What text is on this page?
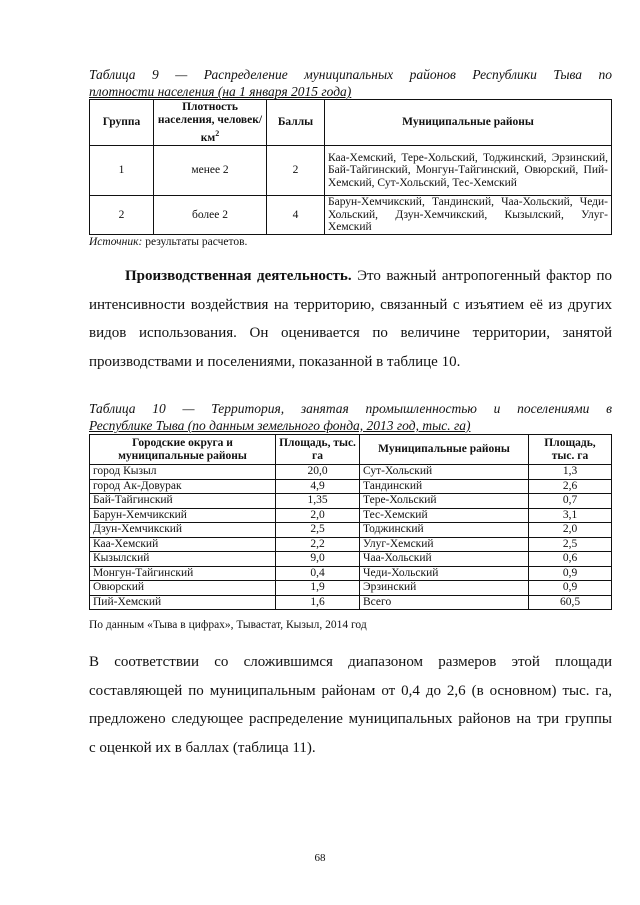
Таблица 9 — Распределение муниципальных районов Республики Тыва по
плотности населения (на 1 января 2015 года)
Группа	Плотность населения, человек/$км^2$	Баллы	Муниципальные районы
1	менее 2	2	Каа-Хемский, Тере-Хольский, Тоджинский, Эрзинский, Бай-Тайгинский, Монгун-Тайгинский, Овюрский, Пий-Хемский, Сут-Хольский, Тес-Хемский
2	более 2	4	Барун-Хемчикский, Тандинский, Чаа-Хольский, Чеди-Хольский, Дзун-Хемчикский, Кызылский, Улуг-Хемский
Источник: результаты расчетов.
Производственная деятельность. Это важный антропогенный фактор по
интенсивности воздействия на территорию, связанный с изъятием её из других
видов использования. Он оценивается по величине территории, занятой
производствами и поселениями, показанной в таблице 10.
Таблица 10 — Территория, занятая промышленностью и поселениями в
Республике Тыва (по данным земельного фонда, 2013 год, тыс. га)
Городские округа и муниципальные районы	Площадь, тыс. га	Муниципальные районы	Площадь, тыс. га
город Кызыл	20,0	Сут-Хольский	1,3
город Ак-Довурак	4,9	Тандинский	2,6
Бай-Тайгинский	1,35	Тере-Хольский	0,7
Барун-Хемчикский	2,0	Тес-Хемский	3,1
Дзун-Хемчикский	2,5	Тоджинский	2,0
Каа-Хемский	2,2	Улуг-Хемский	2,5
Кызылский	9,0	Чаа-Хольский	0,6
Монгун-Тайгинский	0,4	Чеди-Хольский	0,9
Овюрский	1,9	Эрзинский	0,9
Пий-Хемский	1,6	Всего	60,5
По данным «Тыва в цифрах», Тывастат, Кызыл, 2014 год
В соответствии со сложившимся диапазоном размеров этой площади
составляющей по муниципальным районам от 0,4 до 2,6 (в основном) тыс. га,
предложено следующее распределение муниципальных районов на три группы
с оценкой их в баллах (таблица 11).
68
